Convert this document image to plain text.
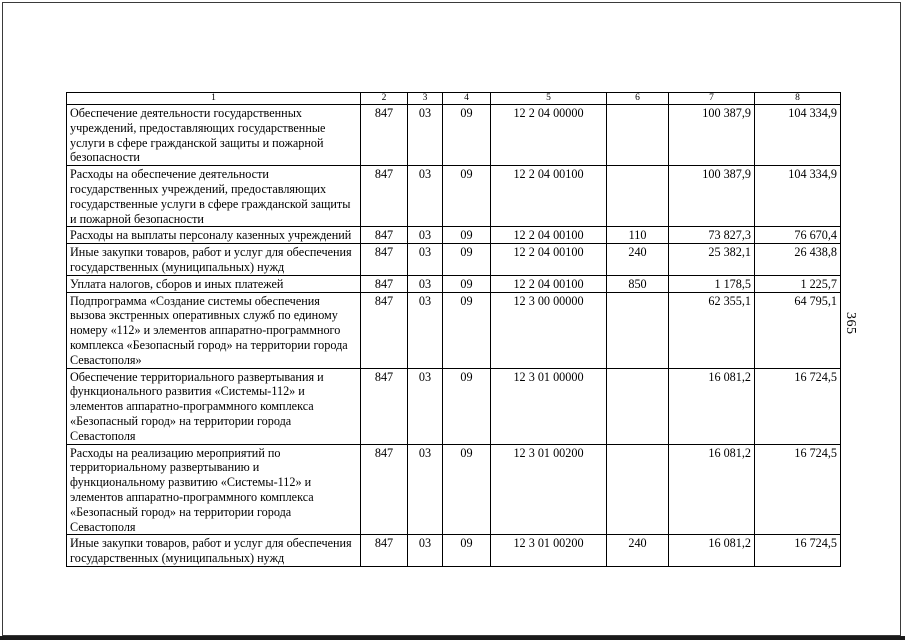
365
1	2	3	4	5	6	7	8
Обеспечение деятельности государственных учреждений, предоставляющих государственные услуги в сфере гражданской защиты и пожарной безопасности	847	03	09	12 2 04 00000		100 387,9	104 334,9
Расходы на обеспечение деятельности государственных учреждений, предоставляющих государственные услуги в сфере гражданской защиты и пожарной безопасности	847	03	09	12 2 04 00100		100 387,9	104 334,9
Расходы на выплаты персоналу казенных учреждений	847	03	09	12 2 04 00100	110	73 827,3	76 670,4
Иные закупки товаров, работ и услуг для обеспечения государственных (муниципальных) нужд	847	03	09	12 2 04 00100	240	25 382,1	26 438,8
Уплата налогов, сборов и иных платежей	847	03	09	12 2 04 00100	850	1 178,5	1 225,7
Подпрограмма «Создание системы обеспечения вызова экстренных оперативных служб по единому номеру «112» и элементов аппаратно-программного комплекса «Безопасный город» на территории города Севастополя»	847	03	09	12 3 00 00000		62 355,1	64 795,1
Обеспечение территориального развертывания и функционального развития «Системы-112» и элементов аппаратно-программного комплекса «Безопасный город» на территории города Севастополя	847	03	09	12 3 01 00000		16 081,2	16 724,5
Расходы на реализацию мероприятий по территориальному развертыванию и функциональному развитию «Системы-112» и элементов аппаратно-программного комплекса «Безопасный город» на территории города Севастополя	847	03	09	12 3 01 00200		16 081,2	16 724,5
Иные закупки товаров, работ и услуг для обеспечения государственных (муниципальных) нужд	847	03	09	12 3 01 00200	240	16 081,2	16 724,5
